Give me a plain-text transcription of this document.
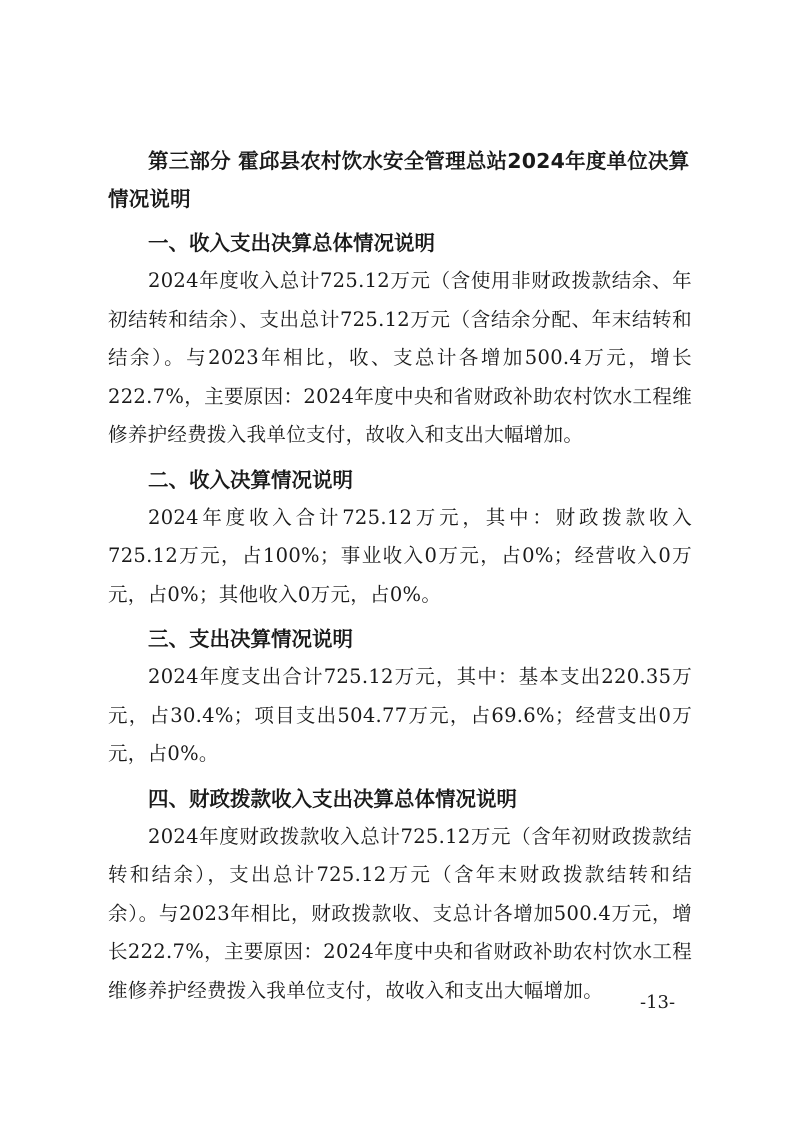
第三部分 霍邱县农村饮水安全管理总站2024年度单位决算情况说明

一、收入支出决算总体情况说明

2024年度收入总计725.12万元（含使用非财政拨款结余、年初结转和结余）、支出总计725.12万元（含结余分配、年末结转和结余）。与2023年相比，收、支总计各增加500.4万元，增长222.7%，主要原因：2024年度中央和省财政补助农村饮水工程维修养护经费拨入我单位支付，故收入和支出大幅增加。

二、收入决算情况说明

2024年度收入合计725.12万元，其中：财政拨款收入725.12万元，占100%；事业收入0万元，占0%；经营收入0万元，占0%；其他收入0万元，占0%。

三、支出决算情况说明

2024年度支出合计725.12万元，其中：基本支出220.35万元，占30.4%；项目支出504.77万元，占69.6%；经营支出0万元，占0%。

四、财政拨款收入支出决算总体情况说明

2024年度财政拨款收入总计725.12万元（含年初财政拨款结转和结余），支出总计725.12万元（含年末财政拨款结转和结余）。与2023年相比，财政拨款收、支总计各增加500.4万元，增长222.7%，主要原因：2024年度中央和省财政补助农村饮水工程维修养护经费拨入我单位支付，故收入和支出大幅增加。

-13-
